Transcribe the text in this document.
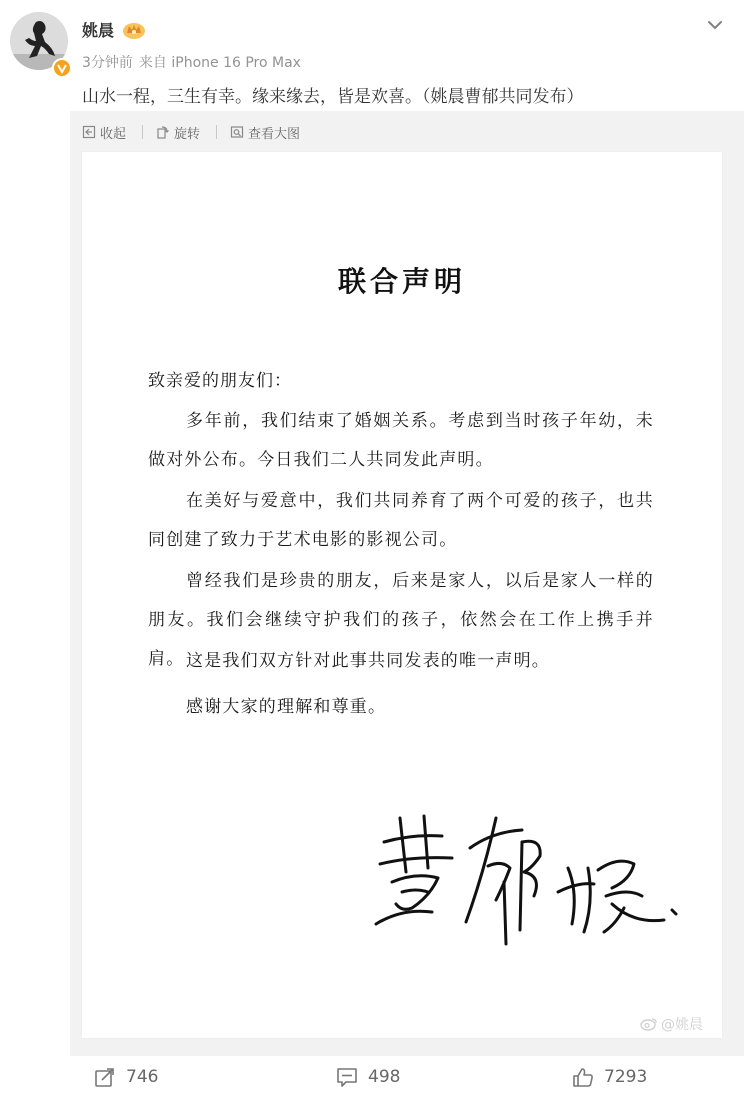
姚晨
3分钟前 来自 iPhone 16 Pro Max
山水一程，三生有幸。缘来缘去，皆是欢喜。（姚晨曹郁共同发布）
收起	旋转	查看大图
联合声明
致亲爱的朋友们：
多年前，我们结束了婚姻关系。考虑到当时孩子年幼，未做对外公布。今日我们二人共同发此声明。
在美好与爱意中，我们共同养育了两个可爱的孩子，也共同创建了致力于艺术电影的影视公司。
曾经我们是珍贵的朋友，后来是家人，以后是家人一样的朋友。我们会继续守护我们的孩子，依然会在工作上携手并肩。 这是我们双方针对此事共同发表的唯一声明。
感谢大家的理解和尊重。
@姚晨
746	498	7293
